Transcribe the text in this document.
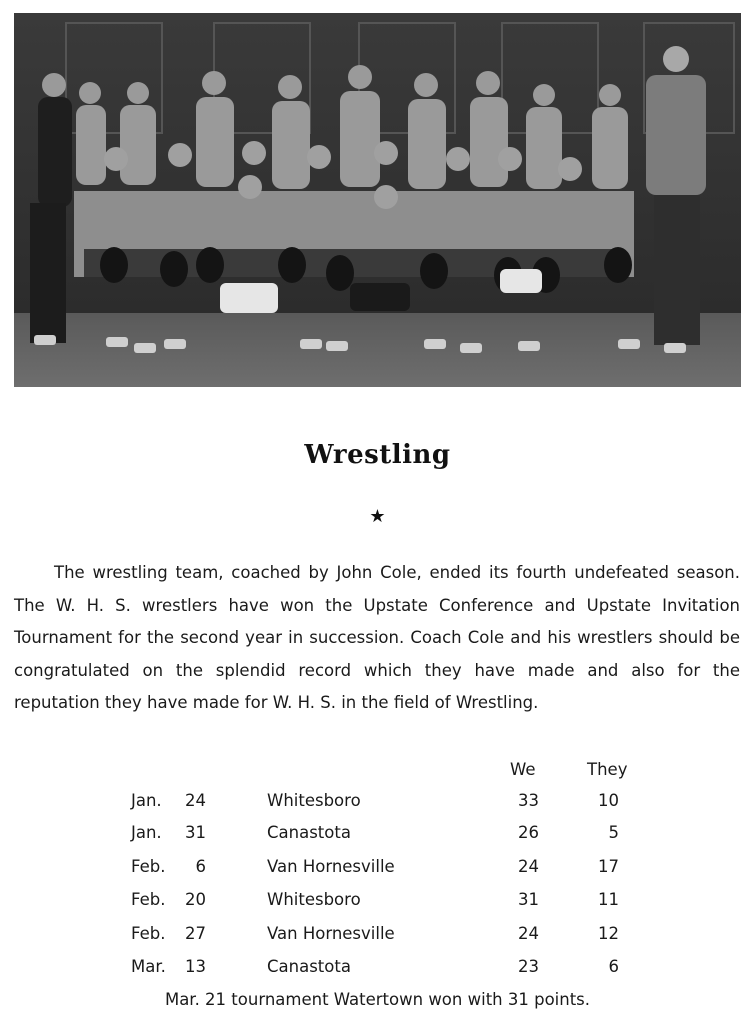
Wrestling
★

The wrestling team, coached by John Cole, ended its fourth undefeated season. The W. H. S. wrestlers have won the Upstate Conference and Upstate Invitation Tournament for the second year in succession. Coach Cole and his wrestlers should be congratulated on the splendid record which they have made and also for the reputation they have made for W. H. S. in the field of Wrestling.

We	They
Jan.	24	Whitesboro	33	10
Jan.	31	Canastota	26	5
Feb.	6	Van Hornesville	24	17
Feb.	20	Whitesboro	31	11
Feb.	27	Van Hornesville	24	12
Mar.	13	Canastota	23	6
Mar. 21 tournament Watertown won with 31 points.
